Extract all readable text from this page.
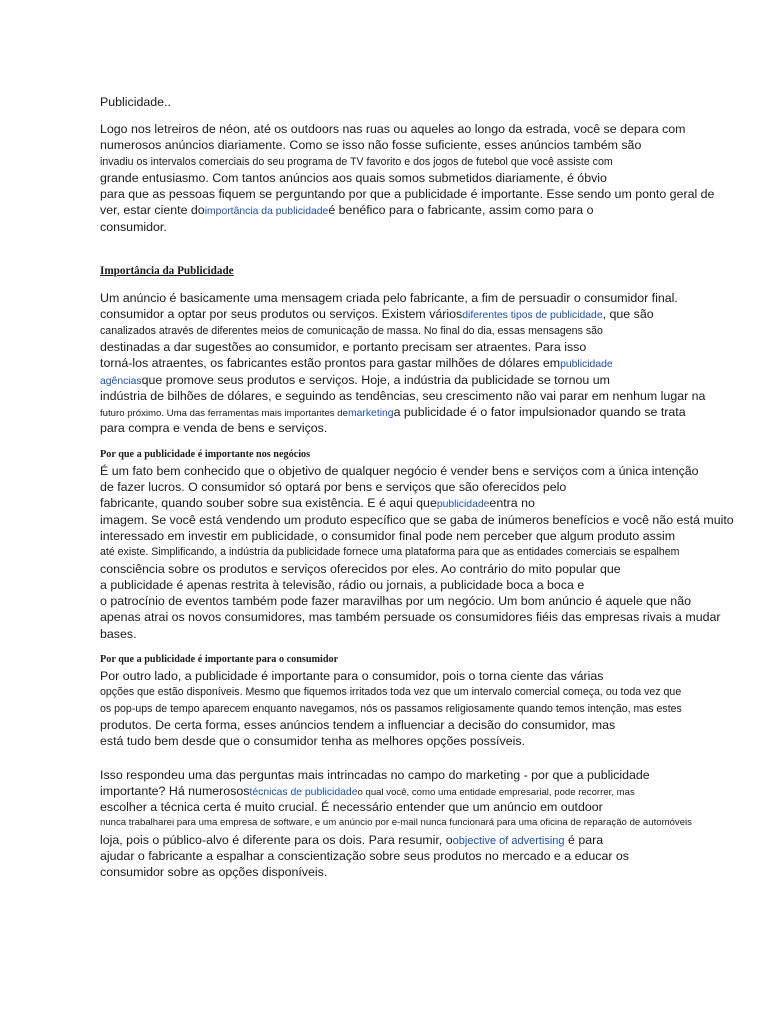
Publicidade..
Logo nos letreiros de néon, até os outdoors nas ruas ou aqueles ao longo da estrada, você se depara com
numerosos anúncios diariamente. Como se isso não fosse suficiente, esses anúncios também são
invadiu os intervalos comerciais do seu programa de TV favorito e dos jogos de futebol que você assiste com
grande entusiasmo. Com tantos anúncios aos quais somos submetidos diariamente, é óbvio
para que as pessoas fiquem se perguntando por que a publicidade é importante. Esse sendo um ponto geral de
ver, estar ciente doimportância da publicidadeé benéfico para o fabricante, assim como para o
consumidor.
Importância da Publicidade
Um anúncio é basicamente uma mensagem criada pelo fabricante, a fim de persuadir o consumidor final.
consumidor a optar por seus produtos ou serviços. Existem váriosdiferentes tipos de publicidade, que são
canalizados através de diferentes meios de comunicação de massa. No final do dia, essas mensagens são
destinadas a dar sugestões ao consumidor, e portanto precisam ser atraentes. Para isso
torná-los atraentes, os fabricantes estão prontos para gastar milhões de dólares empublicidade
agênciasque promove seus produtos e serviços. Hoje, a indústria da publicidade se tornou um
indústria de bilhões de dólares, e seguindo as tendências, seu crescimento não vai parar em nenhum lugar na
futuro próximo. Uma das ferramentas mais importantes demarketinga publicidade é o fator impulsionador quando se trata
para compra e venda de bens e serviços.
Por que a publicidade é importante nos negócios
É um fato bem conhecido que o objetivo de qualquer negócio é vender bens e serviços com a única intenção
de fazer lucros. O consumidor só optará por bens e serviços que são oferecidos pelo
fabricante, quando souber sobre sua existência. E é aqui quepublicidadeentra no
imagem. Se você está vendendo um produto específico que se gaba de inúmeros benefícios e você não está muito
interessado em investir em publicidade, o consumidor final pode nem perceber que algum produto assim
até existe. Simplificando, a indústria da publicidade fornece uma plataforma para que as entidades comerciais se espalhem
consciência sobre os produtos e serviços oferecidos por eles. Ao contrário do mito popular que
a publicidade é apenas restrita à televisão, rádio ou jornais, a publicidade boca a boca e
o patrocínio de eventos também pode fazer maravilhas por um negócio. Um bom anúncio é aquele que não
apenas atrai os novos consumidores, mas também persuade os consumidores fiéis das empresas rivais a mudar
bases.
Por que a publicidade é importante para o consumidor
Por outro lado, a publicidade é importante para o consumidor, pois o torna ciente das várias
opções que estão disponíveis. Mesmo que fiquemos irritados toda vez que um intervalo comercial começa, ou toda vez que
os pop-ups de tempo aparecem enquanto navegamos, nós os passamos religiosamente quando temos intenção, mas estes
produtos. De certa forma, esses anúncios tendem a influenciar a decisão do consumidor, mas
está tudo bem desde que o consumidor tenha as melhores opções possíveis.
Isso respondeu uma das perguntas mais intrincadas no campo do marketing - por que a publicidade
importante? Há numerosostécnicas de publicidadeo qual você, como uma entidade empresarial, pode recorrer, mas
escolher a técnica certa é muito crucial. É necessário entender que um anúncio em outdoor
nunca trabalharei para uma empresa de software, e um anúncio por e-mail nunca funcionará para uma oficina de reparação de automóveis
loja, pois o público-alvo é diferente para os dois. Para resumir, oobjective of advertising é para
ajudar o fabricante a espalhar a conscientização sobre seus produtos no mercado e a educar os
consumidor sobre as opções disponíveis.
